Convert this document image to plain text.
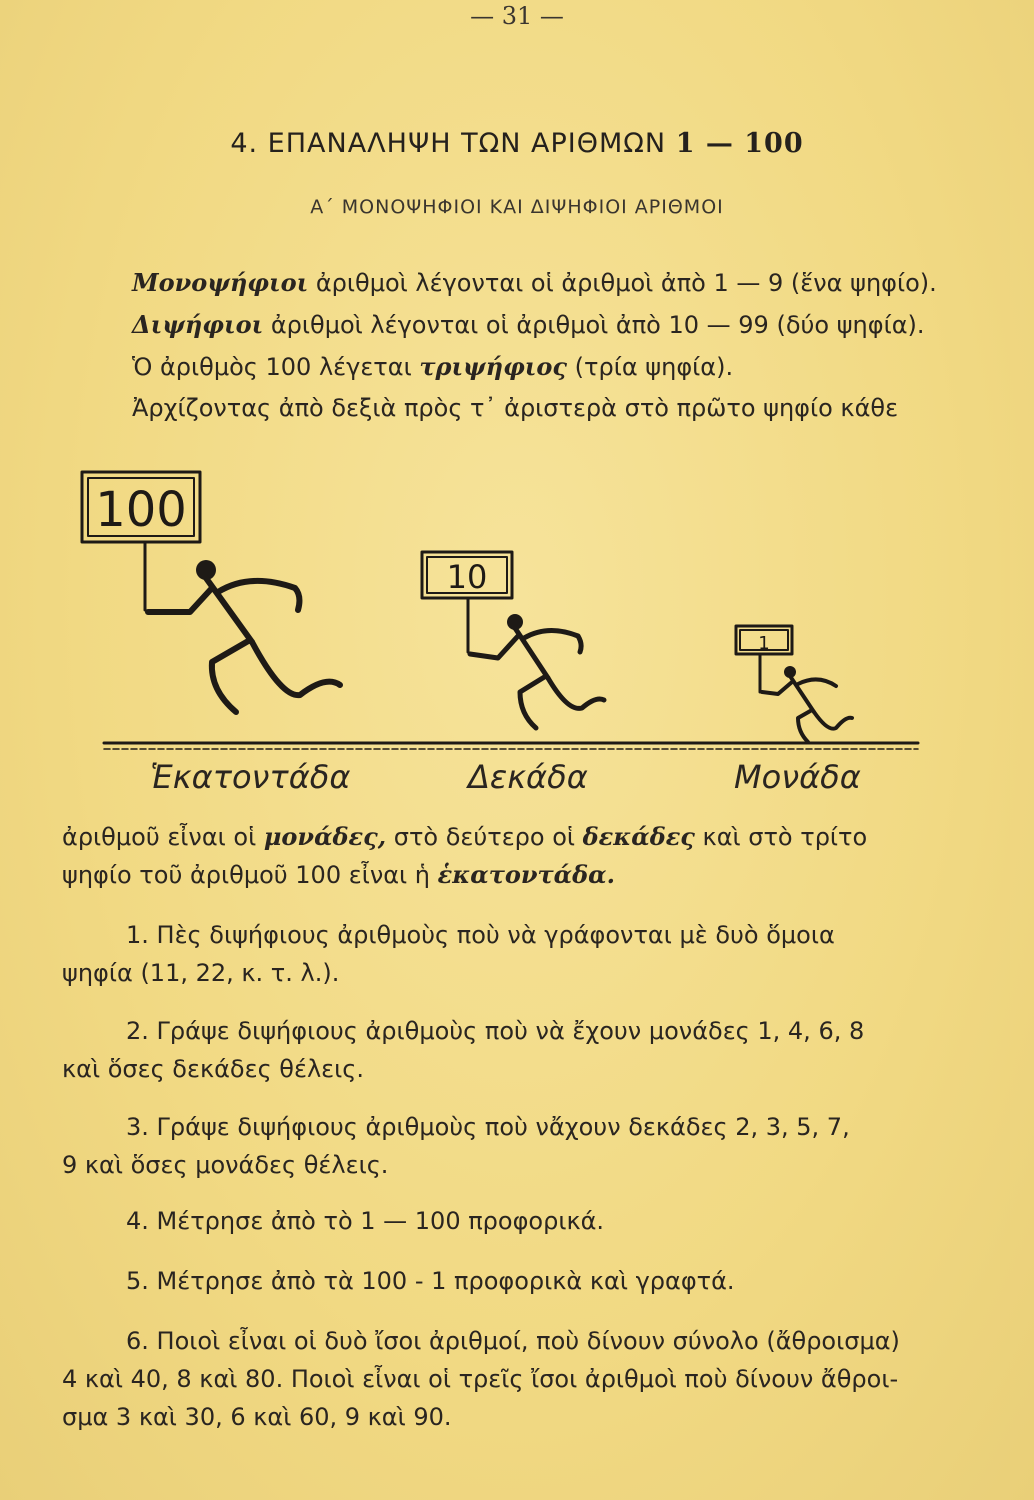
— 31 —
4. ΕΠΑΝΑΛΗΨΗ ΤΩΝ ΑΡΙΘΜΩΝ 1 — 100
Α΄ ΜΟΝΟΨΗΦΙΟΙ ΚΑΙ ΔΙΨΗΦΙΟΙ ΑΡΙΘΜΟΙ
Μονοψήφιοι ἀριθμοὶ λέγονται οἱ ἀριθμοὶ ἀπὸ 1 — 9 (ἕνα ψηφίο).
Διψήφιοι ἀριθμοὶ λέγονται οἱ ἀριθμοὶ ἀπὸ 10 — 99 (δύο ψηφία).
Ὁ ἀριθμὸς 100 λέγεται τριψήφιος (τρία ψηφία).
Ἀρχίζοντας ἀπὸ δεξιὰ πρὸς τ᾽ ἀριστερὰ στὸ πρῶτο ψηφίο κάθε
100
10
1
Ἑκατοντάδα	Δεκάδα	Μονάδα

ἀριθμοῦ εἶναι οἱ μονάδες, στὸ δεύτερο οἱ δεκάδες καὶ στὸ τρίτο

ψηφίο τοῦ ἀριθμοῦ 100 εἶναι ἡ ἑκατοντάδα.

1. Πὲς διψήφιους ἀριθμοὺς ποὺ νὰ γράφονται μὲ δυὸ ὅμοια

ψηφία (11, 22, κ. τ. λ.).

2. Γράψε διψήφιους ἀριθμοὺς ποὺ νὰ ἔχουν μονάδες 1, 4, 6, 8

καὶ ὅσες δεκάδες θέλεις.

3. Γράψε διψήφιους ἀριθμοὺς ποὺ νἄχουν δεκάδες 2, 3, 5, 7,

9 καὶ ὅσες μονάδες θέλεις.

4. Μέτρησε ἀπὸ τὸ 1 — 100 προφορικά.

5. Μέτρησε ἀπὸ τὰ 100 - 1 προφορικὰ καὶ γραφτά.

6. Ποιοὶ εἶναι οἱ δυὸ ἴσοι ἀριθμοί, ποὺ δίνουν σύνολο (ἄθροισμα)

4 καὶ 40, 8 καὶ 80. Ποιοὶ εἶναι οἱ τρεῖς ἴσοι ἀριθμοὶ ποὺ δίνουν ἄθροι-

σμα 3 καὶ 30, 6 καὶ 60, 9 καὶ 90.
